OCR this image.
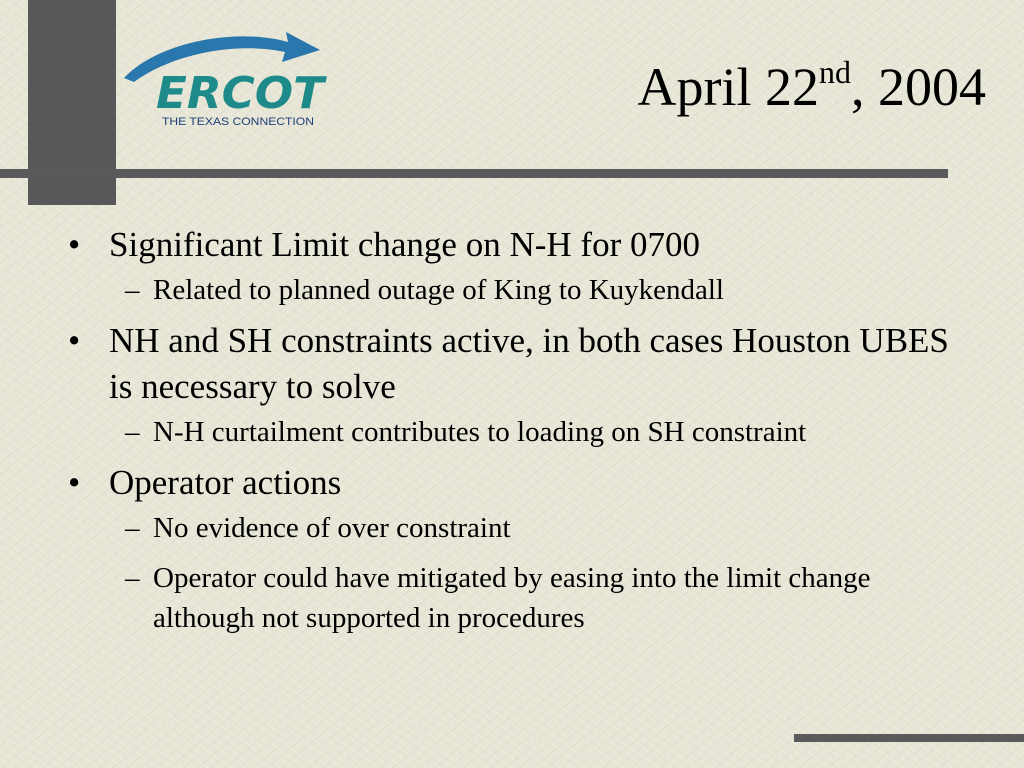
ERCOT
THE TEXAS CONNECTION
April 22nd, 2004
• Significant Limit change on N-H for 0700
– Related to planned outage of King to Kuykendall
• NH and SH constraints active, in both cases Houston UBES is necessary to solve
– N-H curtailment contributes to loading on SH constraint
• Operator actions
– No evidence of over constraint
– Operator could have mitigated by easing into the limit change although not supported in procedures
